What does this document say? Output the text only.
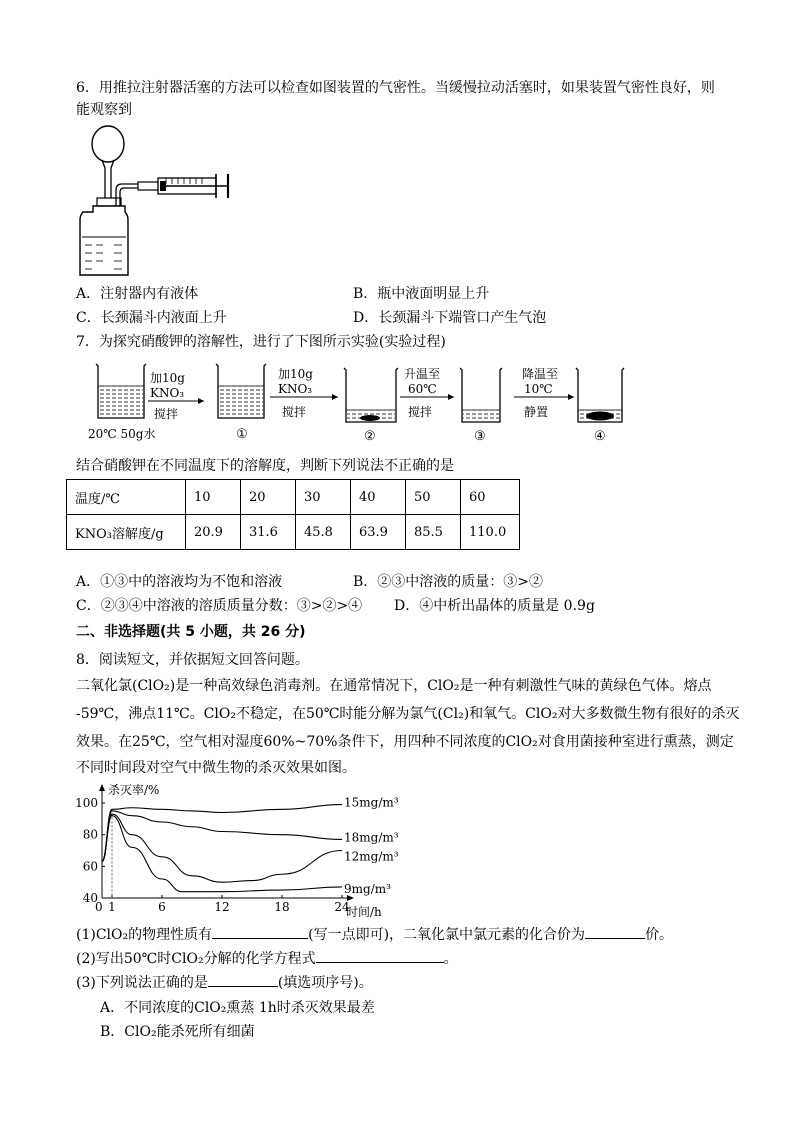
6．用推拉注射器活塞的方法可以检查如图装置的气密性。当缓慢拉动活塞时，如果装置气密性良好，则
能观察到
A．注射器内有液体	B．瓶中液面明显上升
C．长颈漏斗内液面上升	D．长颈漏斗下端管口产生气泡
7．为探究硝酸钾的溶解性，进行了下图所示实验(实验过程)
20℃ 50g水
加10g
KNO₃
搅拌
①
加10g
KNO₃
搅拌
②
升温至
60℃
搅拌
③
降温至
10℃
静置
④
结合硝酸钾在不同温度下的溶解度，判断下列说法不正确的是
温度/℃	10	20	30	40	50	60
KNO₃溶解度/g	20.9	31.6	45.8	63.9	85.5	110.0
A．①③中的溶液均为不饱和溶液	B．②③中溶液的质量：③>②
C．②③④中溶液的溶质质量分数：③>②>④ D．④中析出晶体的质量是 0.9g
二、非选择题(共 5 小题，共 26 分)
8．阅读短文，并依据短文回答问题。
二氧化氯(ClO₂)是一种高效绿色消毒剂。在通常情况下，ClO₂是一种有刺激性气味的黄绿色气体。熔点
-59℃，沸点11℃。ClO₂不稳定，在50℃时能分解为氯气(Cl₂)和氧气。ClO₂对大多数微生物有很好的杀灭
效果。在25℃，空气相对湿度60%~70%条件下，用四种不同浓度的ClO₂对食用菌接种室进行熏蒸，测定
不同时间段对空气中微生物的杀灭效果如图。
杀灭率/%
时间/h
0 1	6	12	18	24
100
80
60
40
15mg/m³
18mg/m³
12mg/m³
9mg/m³
(1)ClO₂的物理性质有	(写一点即可)，二氧化氯中氯元素的化合价为	价。
(2)写出50℃时ClO₂分解的化学方程式	。
(3)下列说法正确的是	(填选项序号)。
A．不同浓度的ClO₂熏蒸 1h时杀灭效果最差
B．ClO₂能杀死所有细菌
